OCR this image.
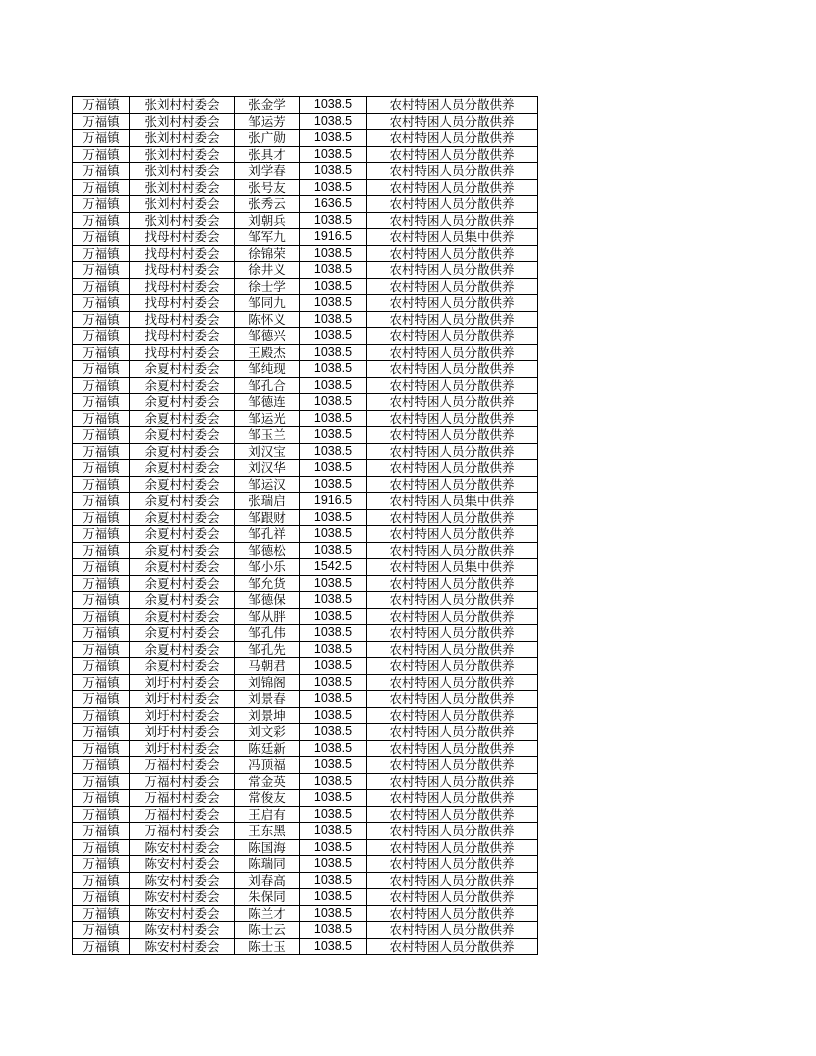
万福镇	张刘村村委会	张金学	1038.5	农村特困人员分散供养
万福镇	张刘村村委会	邹运芳	1038.5	农村特困人员分散供养
万福镇	张刘村村委会	张广勋	1038.5	农村特困人员分散供养
万福镇	张刘村村委会	张具才	1038.5	农村特困人员分散供养
万福镇	张刘村村委会	刘学春	1038.5	农村特困人员分散供养
万福镇	张刘村村委会	张号友	1038.5	农村特困人员分散供养
万福镇	张刘村村委会	张秀云	1636.5	农村特困人员分散供养
万福镇	张刘村村委会	刘朝兵	1038.5	农村特困人员分散供养
万福镇	找母村村委会	邹军九	1916.5	农村特困人员集中供养
万福镇	找母村村委会	徐锦荣	1038.5	农村特困人员分散供养
万福镇	找母村村委会	徐井义	1038.5	农村特困人员分散供养
万福镇	找母村村委会	徐士学	1038.5	农村特困人员分散供养
万福镇	找母村村委会	邹同九	1038.5	农村特困人员分散供养
万福镇	找母村村委会	陈怀义	1038.5	农村特困人员分散供养
万福镇	找母村村委会	邹德兴	1038.5	农村特困人员分散供养
万福镇	找母村村委会	王殿杰	1038.5	农村特困人员分散供养
万福镇	余夏村村委会	邹纯现	1038.5	农村特困人员分散供养
万福镇	余夏村村委会	邹孔合	1038.5	农村特困人员分散供养
万福镇	余夏村村委会	邹德连	1038.5	农村特困人员分散供养
万福镇	余夏村村委会	邹运光	1038.5	农村特困人员分散供养
万福镇	余夏村村委会	邹玉兰	1038.5	农村特困人员分散供养
万福镇	余夏村村委会	刘汉宝	1038.5	农村特困人员分散供养
万福镇	余夏村村委会	刘汉华	1038.5	农村特困人员分散供养
万福镇	余夏村村委会	邹运汉	1038.5	农村特困人员分散供养
万福镇	余夏村村委会	张瑞启	1916.5	农村特困人员集中供养
万福镇	余夏村村委会	邹跟财	1038.5	农村特困人员分散供养
万福镇	余夏村村委会	邹孔祥	1038.5	农村特困人员分散供养
万福镇	余夏村村委会	邹德松	1038.5	农村特困人员分散供养
万福镇	余夏村村委会	邹小乐	1542.5	农村特困人员集中供养
万福镇	余夏村村委会	邹允货	1038.5	农村特困人员分散供养
万福镇	余夏村村委会	邹德保	1038.5	农村特困人员分散供养
万福镇	余夏村村委会	邹从胖	1038.5	农村特困人员分散供养
万福镇	余夏村村委会	邹孔伟	1038.5	农村特困人员分散供养
万福镇	余夏村村委会	邹孔先	1038.5	农村特困人员分散供养
万福镇	余夏村村委会	马朝君	1038.5	农村特困人员分散供养
万福镇	刘圩村村委会	刘锦阁	1038.5	农村特困人员分散供养
万福镇	刘圩村村委会	刘景春	1038.5	农村特困人员分散供养
万福镇	刘圩村村委会	刘景坤	1038.5	农村特困人员分散供养
万福镇	刘圩村村委会	刘文彩	1038.5	农村特困人员分散供养
万福镇	刘圩村村委会	陈廷新	1038.5	农村特困人员分散供养
万福镇	万福村村委会	冯顶福	1038.5	农村特困人员分散供养
万福镇	万福村村委会	常金英	1038.5	农村特困人员分散供养
万福镇	万福村村委会	常俊友	1038.5	农村特困人员分散供养
万福镇	万福村村委会	王启有	1038.5	农村特困人员分散供养
万福镇	万福村村委会	王东黑	1038.5	农村特困人员分散供养
万福镇	陈安村村委会	陈国海	1038.5	农村特困人员分散供养
万福镇	陈安村村委会	陈瑞同	1038.5	农村特困人员分散供养
万福镇	陈安村村委会	刘春高	1038.5	农村特困人员分散供养
万福镇	陈安村村委会	朱保同	1038.5	农村特困人员分散供养
万福镇	陈安村村委会	陈兰才	1038.5	农村特困人员分散供养
万福镇	陈安村村委会	陈士云	1038.5	农村特困人员分散供养
万福镇	陈安村村委会	陈士玉	1038.5	农村特困人员分散供养
